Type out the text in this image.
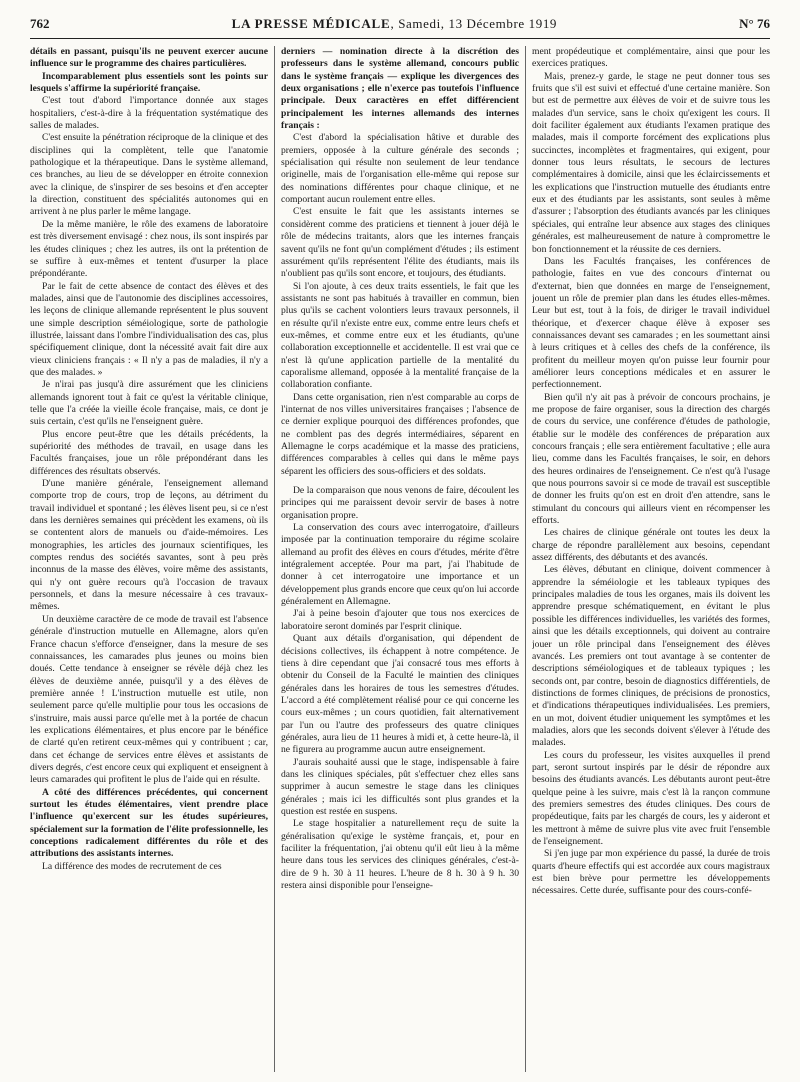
762	LA PRESSE MÉDICALE, Samedi, 13 Décembre 1919	N° 76

détails en passant, puisqu'ils ne peuvent exercer aucune influence sur le programme des chaires particulières.

Incomparablement plus essentiels sont les points sur lesquels s'affirme la supériorité française.

C'est tout d'abord l'importance donnée aux stages hospitaliers, c'est-à-dire à la fréquentation systématique des salles de malades.

C'est ensuite la pénétration réciproque de la clinique et des disciplines qui la complètent, telle que l'anatomie pathologique et la thérapeutique. Dans le système allemand, ces branches, au lieu de se développer en étroite connexion avec la clinique, de s'inspirer de ses besoins et d'en accepter la direction, constituent des spécialités autonomes qui en arrivent à ne plus parler le même langage.

De la même manière, le rôle des examens de laboratoire est très diversement envisagé : chez nous, ils sont inspirés par les études cliniques ; chez les autres, ils ont la prétention de se suffire à eux-mêmes et tentent d'usurper la place prépondérante.

Par le fait de cette absence de contact des élèves et des malades, ainsi que de l'autonomie des disciplines accessoires, les leçons de clinique allemande représentent le plus souvent une simple description séméiologique, sorte de pathologie illustrée, laissant dans l'ombre l'individualisation des cas, plus spécifiquement clinique, dont la nécessité avait fait dire aux vieux cliniciens français : « Il n'y a pas de maladies, il n'y a que des malades. »

Je n'irai pas jusqu'à dire assurément que les cliniciens allemands ignorent tout à fait ce qu'est la véritable clinique, telle que l'a créée la vieille école française, mais, ce dont je suis certain, c'est qu'ils ne l'enseignent guère.

Plus encore peut-être que les détails précédents, la supériorité des méthodes de travail, en usage dans les Facultés françaises, joue un rôle prépondérant dans les différences des résultats observés.

D'une manière générale, l'enseignement allemand comporte trop de cours, trop de leçons, au détriment du travail individuel et spontané ; les élèves lisent peu, si ce n'est dans les dernières semaines qui précèdent les examens, où ils se contentent alors de manuels ou d'aide-mémoires. Les monographies, les articles des journaux scientifiques, les comptes rendus des sociétés savantes, sont à peu près inconnus de la masse des élèves, voire même des assistants, qui n'y ont guère recours qu'à l'occasion de travaux personnels, et dans la mesure nécessaire à ces travaux-mêmes.

Un deuxième caractère de ce mode de travail est l'absence générale d'instruction mutuelle en Allemagne, alors qu'en France chacun s'efforce d'enseigner, dans la mesure de ses connaissances, les camarades plus jeunes ou moins bien doués. Cette tendance à enseigner se révèle déjà chez les élèves de deuxième année, puisqu'il y a des élèves de première année ! L'instruction mutuelle est utile, non seulement parce qu'elle multiplie pour tous les occasions de s'instruire, mais aussi parce qu'elle met à la portée de chacun les explications élémentaires, et plus encore par le bénéfice de clarté qu'en retirent ceux-mêmes qui y contribuent ; car, dans cet échange de services entre élèves et assistants de divers degrés, c'est encore ceux qui expliquent et enseignent à leurs camarades qui profitent le plus de l'aide qui en résulte.

A côté des différences précédentes, qui concernent surtout les études élémentaires, vient prendre place l'influence qu'exercent sur les études supérieures, spécialement sur la formation de l'élite professionnelle, les conceptions radicalement différentes du rôle et des attributions des assistants internes.

La différence des modes de recrutement de ces

derniers — nomination directe à la discrétion des professeurs dans le système allemand, concours public dans le système français — explique les divergences des deux organisations ; elle n'exerce pas toutefois l'influence principale. Deux caractères en effet différencient principalement les internes allemands des internes français :

C'est d'abord la spécialisation hâtive et durable des premiers, opposée à la culture générale des seconds ; spécialisation qui résulte non seulement de leur tendance originelle, mais de l'organisation elle-même qui repose sur des nominations différentes pour chaque clinique, et ne comportant aucun roulement entre elles.

C'est ensuite le fait que les assistants internes se considèrent comme des praticiens et tiennent à jouer déjà le rôle de médecins traitants, alors que les internes français savent qu'ils ne font qu'un complément d'études ; ils estiment assurément qu'ils représentent l'élite des étudiants, mais ils n'oublient pas qu'ils sont encore, et toujours, des étudiants.

Si l'on ajoute, à ces deux traits essentiels, le fait que les assistants ne sont pas habitués à travailler en commun, bien plus qu'ils se cachent volontiers leurs travaux personnels, il en résulte qu'il n'existe entre eux, comme entre leurs chefs et eux-mêmes, et comme entre eux et les étudiants, qu'une collaboration exceptionnelle et accidentelle. Il est vrai que ce n'est là qu'une application partielle de la mentalité du caporalisme allemand, opposée à la mentalité française de la collaboration confiante.

Dans cette organisation, rien n'est comparable au corps de l'internat de nos villes universitaires françaises ; l'absence de ce dernier explique pourquoi des différences profondes, que ne comblent pas des degrés intermédiaires, séparent en Allemagne le corps académique et la masse des praticiens, différences comparables à celles qui dans le même pays séparent les officiers des sous-officiers et des soldats.

De la comparaison que nous venons de faire, découlent les principes qui me paraissent devoir servir de bases à notre organisation propre.

La conservation des cours avec interrogatoire, d'ailleurs imposée par la continuation temporaire du régime scolaire allemand au profit des élèves en cours d'études, mérite d'être intégralement acceptée. Pour ma part, j'ai l'habitude de donner à cet interrogatoire une importance et un développement plus grands encore que ceux qu'on lui accorde généralement en Allemagne.

J'ai à peine besoin d'ajouter que tous nos exercices de laboratoire seront dominés par l'esprit clinique.

Quant aux détails d'organisation, qui dépendent de décisions collectives, ils échappent à notre compétence. Je tiens à dire cependant que j'ai consacré tous mes efforts à obtenir du Conseil de la Faculté le maintien des cliniques générales dans les horaires de tous les semestres d'études. L'accord a été complètement réalisé pour ce qui concerne les cours eux-mêmes ; un cours quotidien, fait alternativement par l'un ou l'autre des professeurs des quatre cliniques générales, aura lieu de 11 heures à midi et, à cette heure-là, il ne figurera au programme aucun autre enseignement.

J'aurais souhaité aussi que le stage, indispensable à faire dans les cliniques spéciales, pût s'effectuer chez elles sans supprimer à aucun semestre le stage dans les cliniques générales ; mais ici les difficultés sont plus grandes et la question est restée en suspens.

Le stage hospitalier a naturellement reçu de suite la généralisation qu'exige le système français, et, pour en faciliter la fréquentation, j'ai obtenu qu'il eût lieu à la même heure dans tous les services des cliniques générales, c'est-à-dire de 9 h. 30 à 11 heures. L'heure de 8 h. 30 à 9 h. 30 restera ainsi disponible pour l'enseigne-

ment propédeutique et complémentaire, ainsi que pour les exercices pratiques.

Mais, prenez-y garde, le stage ne peut donner tous ses fruits que s'il est suivi et effectué d'une certaine manière. Son but est de permettre aux élèves de voir et de suivre tous les malades d'un service, sans le choix qu'exigent les cours. Il doit faciliter également aux étudiants l'examen pratique des malades, mais il comporte forcément des explications plus succinctes, incomplètes et fragmentaires, qui exigent, pour donner tous leurs résultats, le secours de lectures complémentaires à domicile, ainsi que les éclaircissements et les explications que l'instruction mutuelle des étudiants entre eux et des étudiants par les assistants, sont seules à même d'assurer ; l'absorption des étudiants avancés par les cliniques spéciales, qui entraîne leur absence aux stages des cliniques générales, est malheureusement de nature à compromettre le bon fonctionnement et la réussite de ces derniers.

Dans les Facultés françaises, les conférences de pathologie, faites en vue des concours d'internat ou d'externat, bien que données en marge de l'enseignement, jouent un rôle de premier plan dans les études elles-mêmes. Leur but est, tout à la fois, de diriger le travail individuel théorique, et d'exercer chaque élève à exposer ses connaissances devant ses camarades ; en les soumettant ainsi à leurs critiques et à celles des chefs de la conférence, ils profitent du meilleur moyen qu'on puisse leur fournir pour améliorer leurs conceptions médicales et en assurer le perfectionnement.

Bien qu'il n'y ait pas à prévoir de concours prochains, je me propose de faire organiser, sous la direction des chargés de cours du service, une conférence d'études de pathologie, établie sur le modèle des conférences de préparation aux concours français ; elle sera entièrement facultative ; elle aura lieu, comme dans les Facultés françaises, le soir, en dehors des heures ordinaires de l'enseignement. Ce n'est qu'à l'usage que nous pourrons savoir si ce mode de travail est susceptible de donner les fruits qu'on est en droit d'en attendre, sans le stimulant du concours qui ailleurs vient en récompenser les efforts.

Les chaires de clinique générale ont toutes les deux la charge de répondre parallèlement aux besoins, cependant assez différents, des débutants et des avancés.

Les élèves, débutant en clinique, doivent commencer à apprendre la séméiologie et les tableaux typiques des principales maladies de tous les organes, mais ils doivent les apprendre presque schématiquement, en évitant le plus possible les différences individuelles, les variétés des formes, ainsi que les détails exceptionnels, qui doivent au contraire jouer un rôle principal dans l'enseignement des élèves avancés. Les premiers ont tout avantage à se contenter de descriptions séméiologiques et de tableaux typiques ; les seconds ont, par contre, besoin de diagnostics différentiels, de distinctions de formes cliniques, de précisions de pronostics, et d'indications thérapeutiques individualisées. Les premiers, en un mot, doivent étudier uniquement les symptômes et les maladies, alors que les seconds doivent s'élever à l'étude des malades.

Les cours du professeur, les visites auxquelles il prend part, seront surtout inspirés par le désir de répondre aux besoins des étudiants avancés. Les débutants auront peut-être quelque peine à les suivre, mais c'est là la rançon commune des premiers semestres des études cliniques. Des cours de propédeutique, faits par les chargés de cours, les y aideront et les mettront à même de suivre plus vite avec fruit l'ensemble de l'enseignement.

Si j'en juge par mon expérience du passé, la durée de trois quarts d'heure effectifs qui est accordée aux cours magistraux est bien brève pour permettre les développements nécessaires. Cette durée, suffisante pour des cours-confé-
